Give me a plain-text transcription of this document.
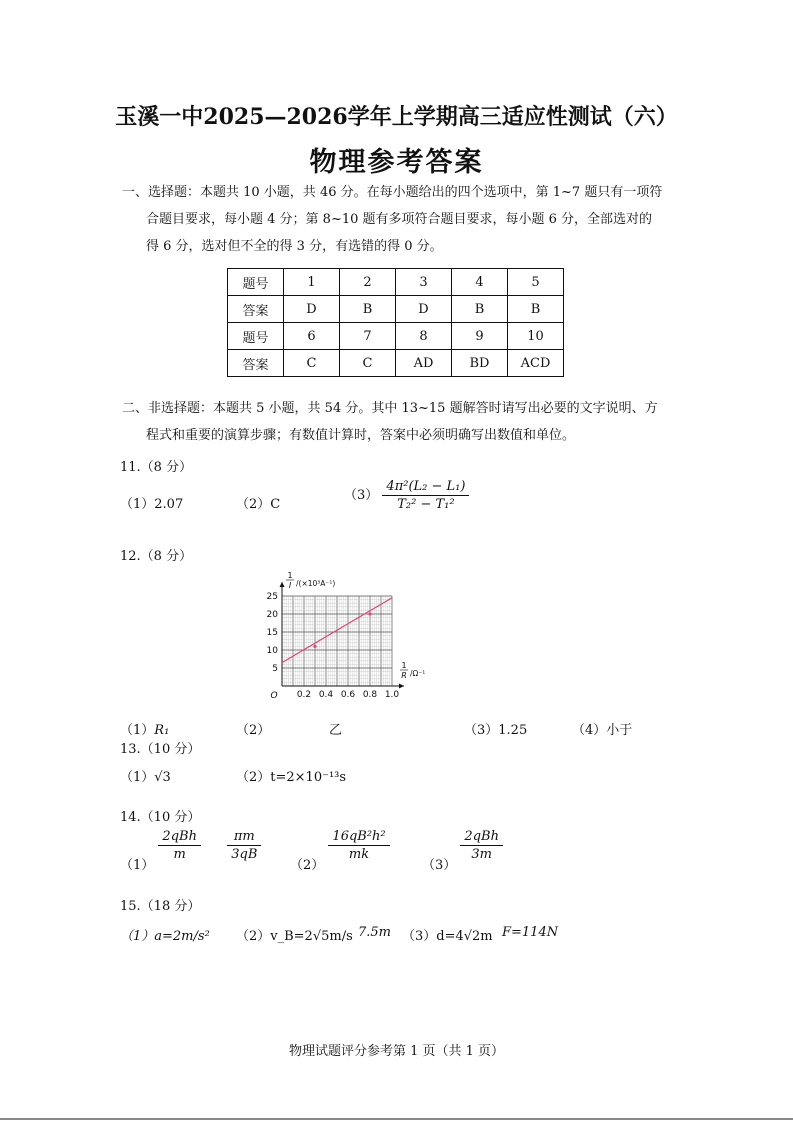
玉溪一中2025—2026学年上学期高三适应性测试（六）
物理参考答案
一、选择题：本题共 10 小题，共 46 分。在每小题给出的四个选项中，第 1~7 题只有一项符
合题目要求，每小题 4 分；第 8~10 题有多项符合题目要求，每小题 6 分，全部选对的
得 6 分，选对但不全的得 3 分，有选错的得 0 分。
题号	1	2	3	4	5
答案	D	B	D	B	B
题号	6	7	8	9	10
答案	C	C	AD	BD	ACD
二、非选择题：本题共 5 小题，共 54 分。其中 13~15 题解答时请写出必要的文字说明、方
程式和重要的演算步骤；有数值计算时，答案中必须明确写出数值和单位。
11.（8 分）
（1）2.07	（2）C
$(3) \frac{\text{4π²(L₂ − L₁)}}{\text{T₂² − T₁²}}$
12.（8 分）
0.2 0.4 0.6 0.8 1.0
5
10
15
20
25
O
1
I /(×10³A⁻¹)
1
R /Ω⁻¹
（1）R₁	（2）	乙	（3）1.25	（4）小于
13.（10 分）
（1）√3	（2）t=2×10⁻¹³s
14.（10 分）
（1）
$\frac{\text{2qBh}}{m}$
$\frac{\pi m}{3qB}$
（2）
$\frac{\text{16qB²h²}}{mk}$
（3）
$\frac{\text{2qBh}}{3m}$
15.（18 分）
（1）a=2m/s² （2）v_B=2√5m/s 7.5m （3）d=4√2m F=114N
物理试题评分参考第 1 页（共 1 页）
